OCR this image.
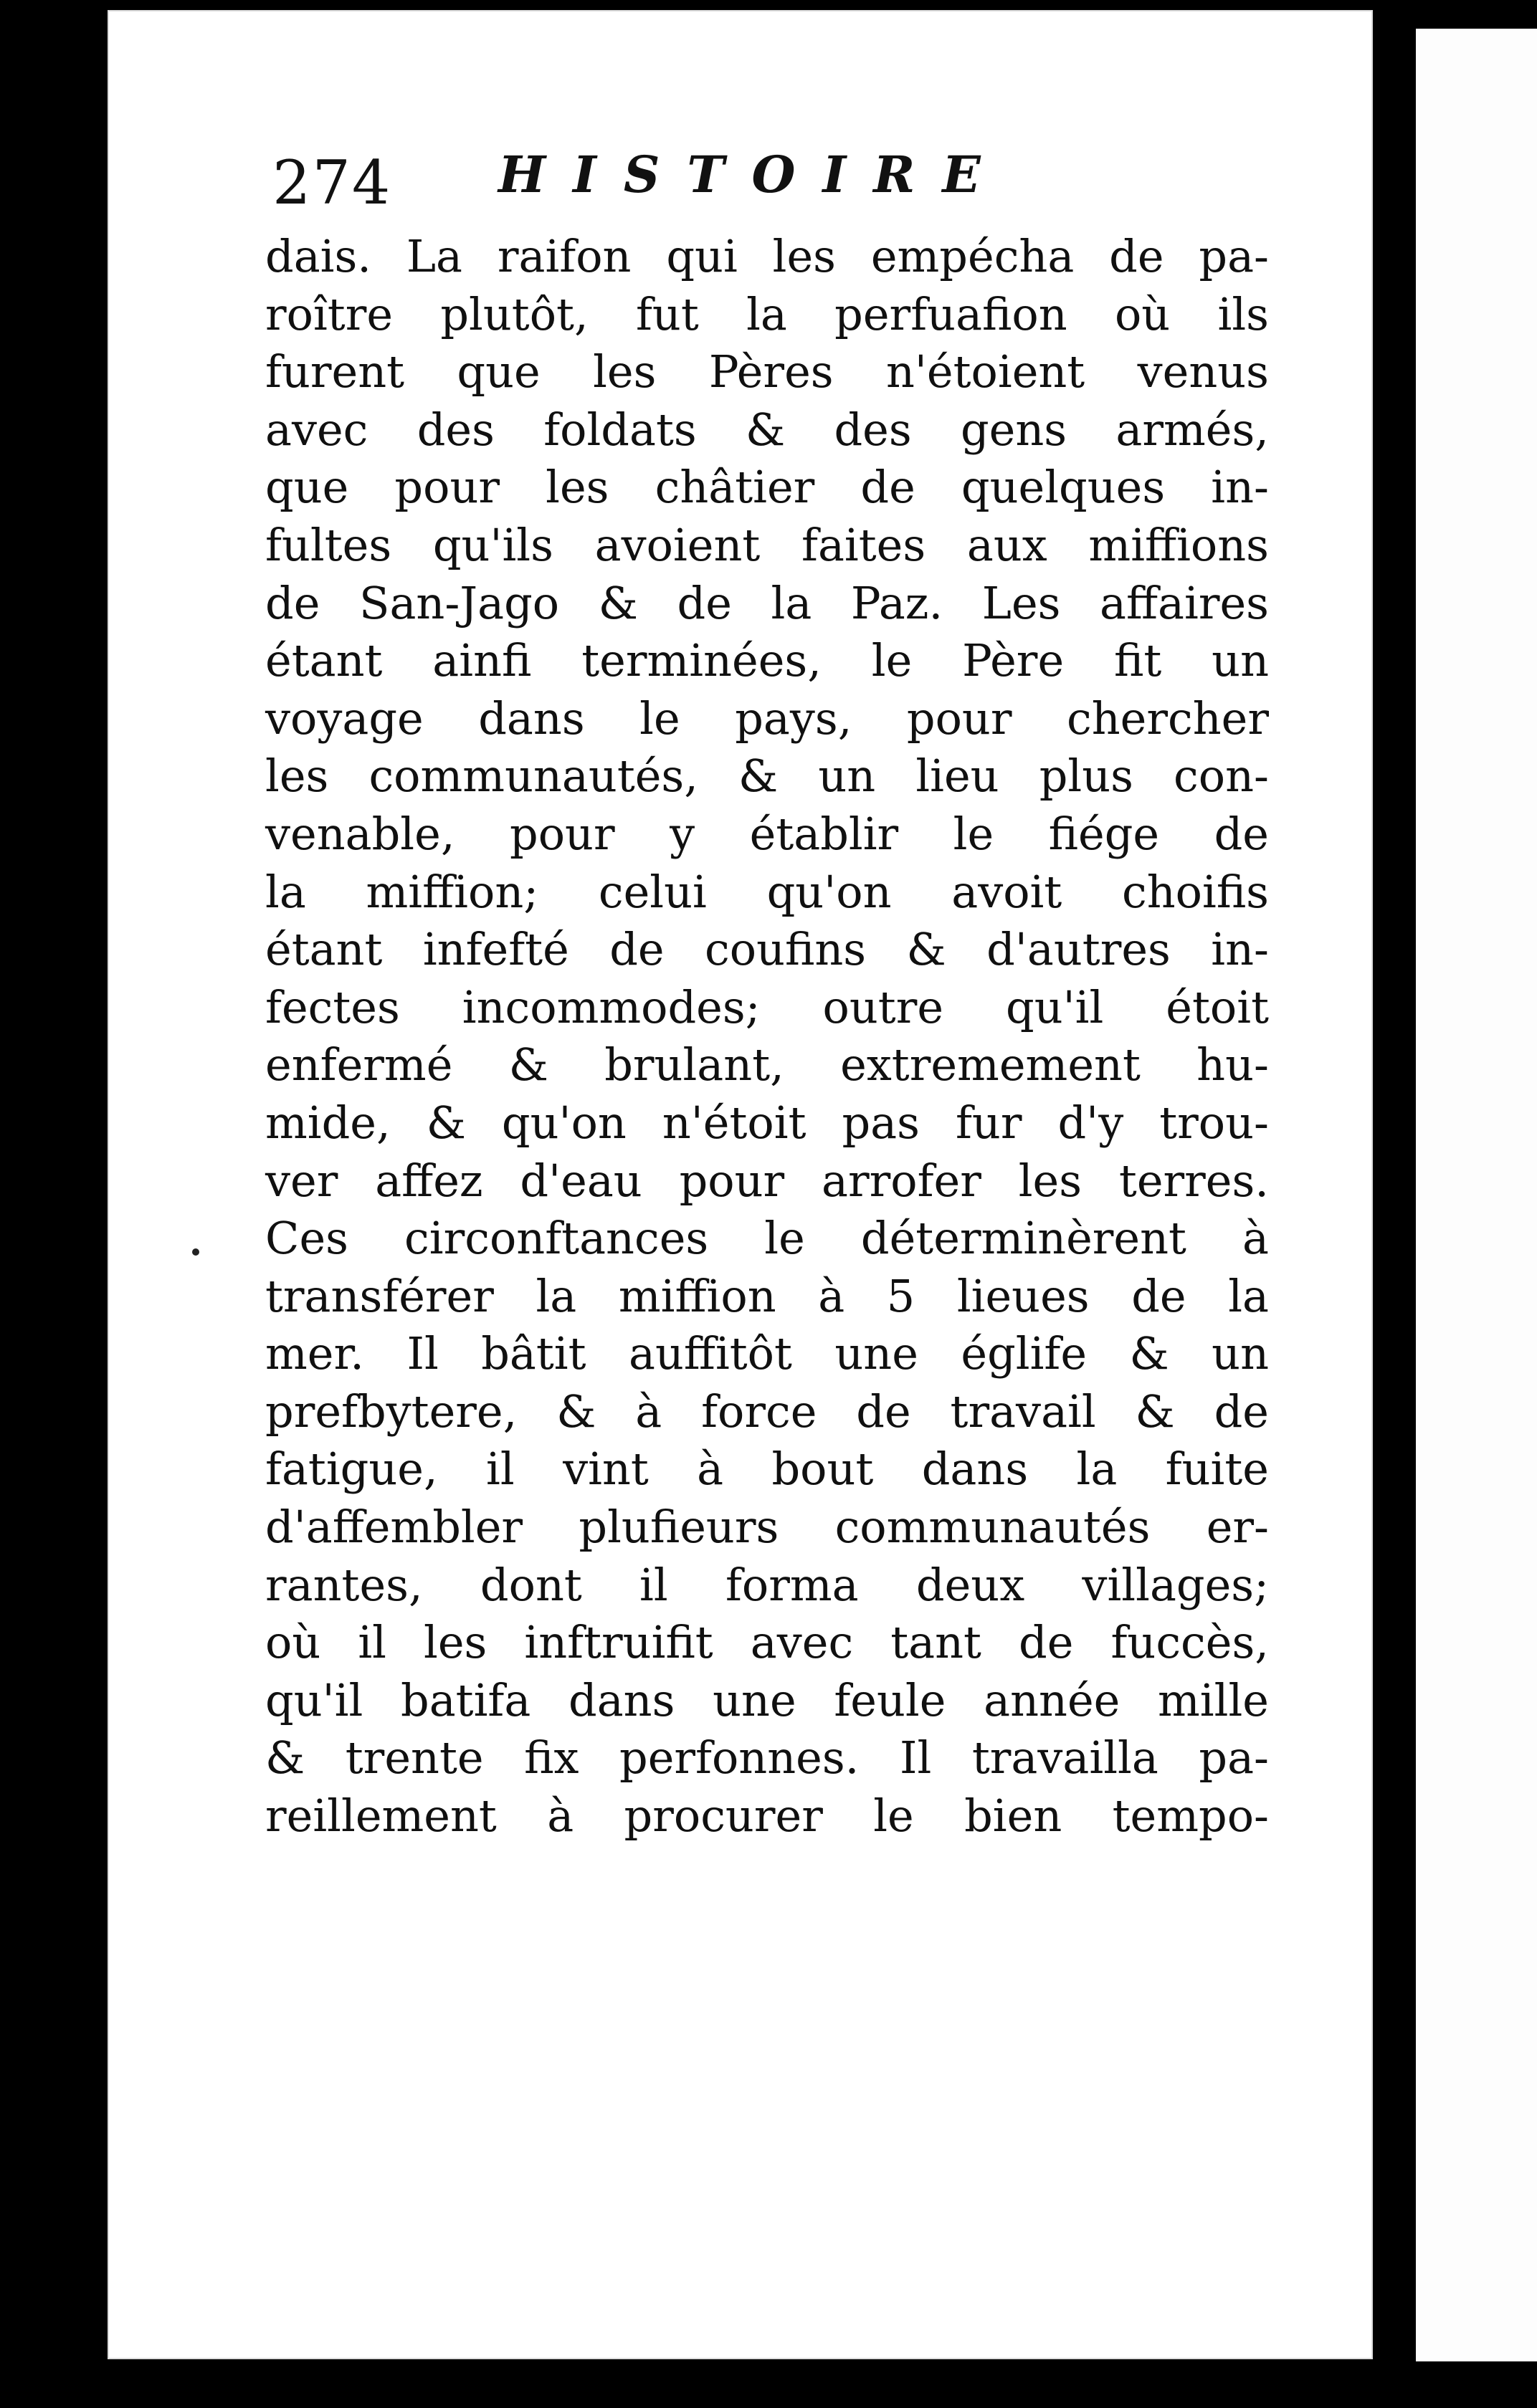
274 HISTOIRE
dais. La raifon qui les empécha de pa-
roître plutôt, fut la perfuafion où ils
furent que les Pères n'étoient venus
avec des foldats & des gens armés,
que pour les châtier de quelques in-
fultes qu'ils avoient faites aux miffions
de San-Jago & de la Paz. Les affaires
étant ainfi terminées, le Père fit un
voyage dans le pays, pour chercher
les communautés, & un lieu plus con-
venable, pour y établir le fiége de
la miffion; celui qu'on avoit choifis
étant infefté de coufins & d'autres in-
fectes incommodes; outre qu'il étoit
enfermé & brulant, extremement hu-
mide, & qu'on n'étoit pas fur d'y trou-
ver affez d'eau pour arrofer les terres.
Ces circonftances le déterminèrent à
transférer la miffion à 5 lieues de la
mer. Il bâtit auffitôt une églife & un
prefbytere, & à force de travail & de
fatigue, il vint à bout dans la fuite
d'affembler plufieurs communautés er-
rantes, dont il forma deux villages;
où il les inftruifit avec tant de fuccès,
qu'il batifa dans une feule année mille
& trente fix perfonnes. Il travailla pa-
reillement à procurer le bien tempo-
